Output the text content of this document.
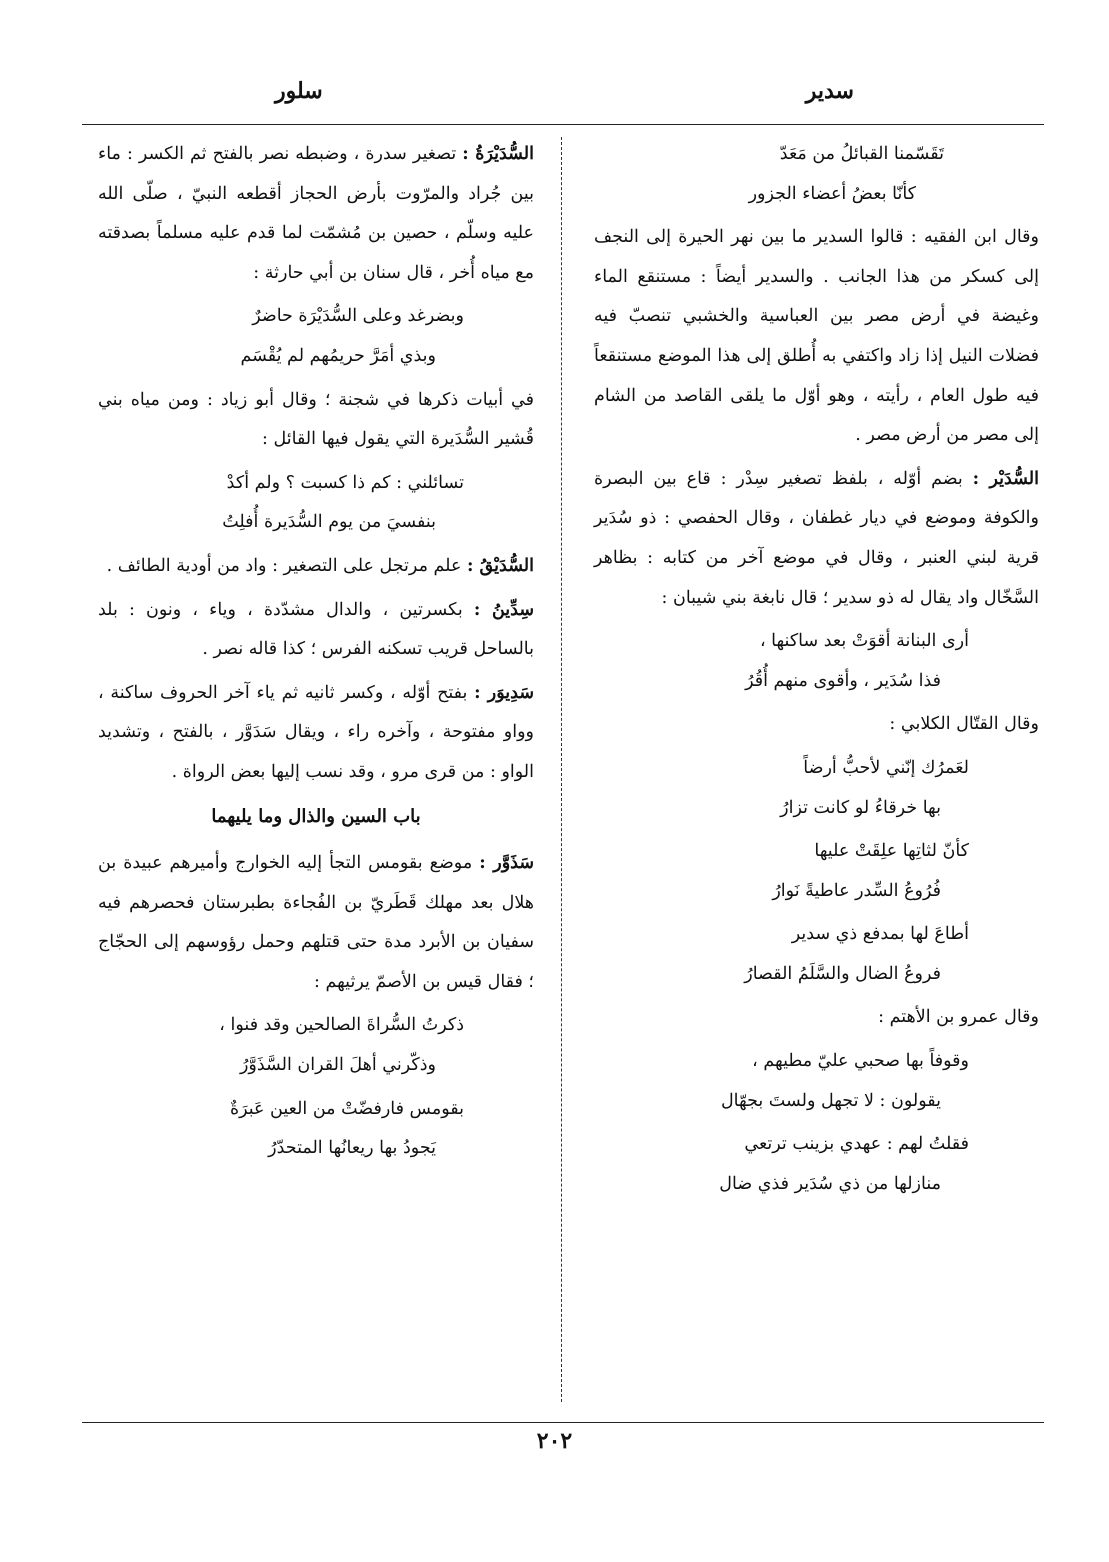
سدير
سلور
تَقَسّمنا القبائلُ من مَعَدّ
كأنّا بعضُ أعضاء الجزور

وقال ابن الفقيه : قالوا السدير ما بين نهر الحيرة إلى النجف إلى كسكر من هذا الجانب . والسدير أيضاً : مستنقع الماء وغيضة في أرض مصر بين العباسية والخشبي تنصبّ فيه فضلات النيل إذا زاد واكتفي به أُطلق إلى هذا الموضع مستنقعاً فيه طول العام ، رأيته ، وهو أوّل ما يلقى القاصد من الشام إلى مصر من أرض مصر .

السُّدَيْر : بضم أوّله ، بلفظ تصغير سِدْر : قاع بين البصرة والكوفة وموضع في ديار غطفان ، وقال الحفصي : ذو سُدَير قرية لبني العنبر ، وقال في موضع آخر من كتابه : بظاهر السَّخّال واد يقال له ذو سدير ؛ قال نابغة بني شيبان :

أرى البنانة أقوَتْ بعد ساكنها ،
فذا سُدَير ، وأقوى منهم أُقُرُ

وقال القتّال الكلابي :

لعَمرُك إنّني لأحبُّ أرضاً
بها خرقاءُ لو كانت تزارُ
كأنّ لثاتِها علِقَتْ عليها
فُرُوعُ السِّدر عاطيةً نَوارُ
أطاعَ لها بمدفع ذي سدير
فروعُ الضال والسَّلَمُ القصارُ

وقال عمرو بن الأهتم :

وقوفاً بها صحبي عليّ مطيهم ،
يقولون : لا تجهل ولستَ بجهّال
فقلتُ لهم : عهدي بزينب ترتعي
منازلها من ذي سُدَير فذي ضال

السُّدَيْرَةُ : تصغير سدرة ، وضبطه نصر بالفتح ثم الكسر : ماء بين جُراد والمرّوت بأرض الحجاز أقطعه النبيّ ، صلّى الله عليه وسلّم ، حصين بن مُشمّت لما قدم عليه مسلماً بصدقته مع مياه أُخر ، قال سنان بن أبي حارثة :

وبضرغد وعلى السُّدَيْرَة حاضرٌ
وبذي أمَرَّ حريمُهم لم يُقْسَم

في أبيات ذكرها في شجنة ؛ وقال أبو زياد : ومن مياه بني قُشير السُّدَيرة التي يقول فيها القائل :

تسائلني : كم ذا كسبت ؟ ولم أكدْ
بنفسيَ من يوم السُّدَيرة أُفلِتُ

السُّدَيْقُ : علم مرتجل على التصغير : واد من أودية الطائف .

سِدِّينُ : بكسرتين ، والدال مشدّدة ، وياء ، ونون : بلد بالساحل قريب تسكنه الفرس ؛ كذا قاله نصر .

سَدِيوَر : بفتح أوّله ، وكسر ثانيه ثم ياء آخر الحروف ساكنة ، وواو مفتوحة ، وآخره راء ، ويقال سَدَوَّر ، بالفتح ، وتشديد الواو : من قرى مرو ، وقد نسب إليها بعض الرواة .

باب السين والذال وما يليهما

سَذَوَّر : موضع بقومس التجأ إليه الخوارج وأميرهم عبيدة بن هلال بعد مهلك قَطَريّ بن الفُجاءة بطبرستان فحصرهم فيه سفيان بن الأبرد مدة حتى قتلهم وحمل رؤوسهم إلى الحجّاج ؛ فقال قيس بن الأصمّ يرثيهم :

ذكرتُ السُّراةَ الصالحين وقد فنوا ،
وذكّرني أهلَ القران السَّذَوَّرُ
بقومس فارفضّتْ من العين عَبرَةٌ
يَجودُ بها ريعانُها المتحدّرُ
٢٠٢
